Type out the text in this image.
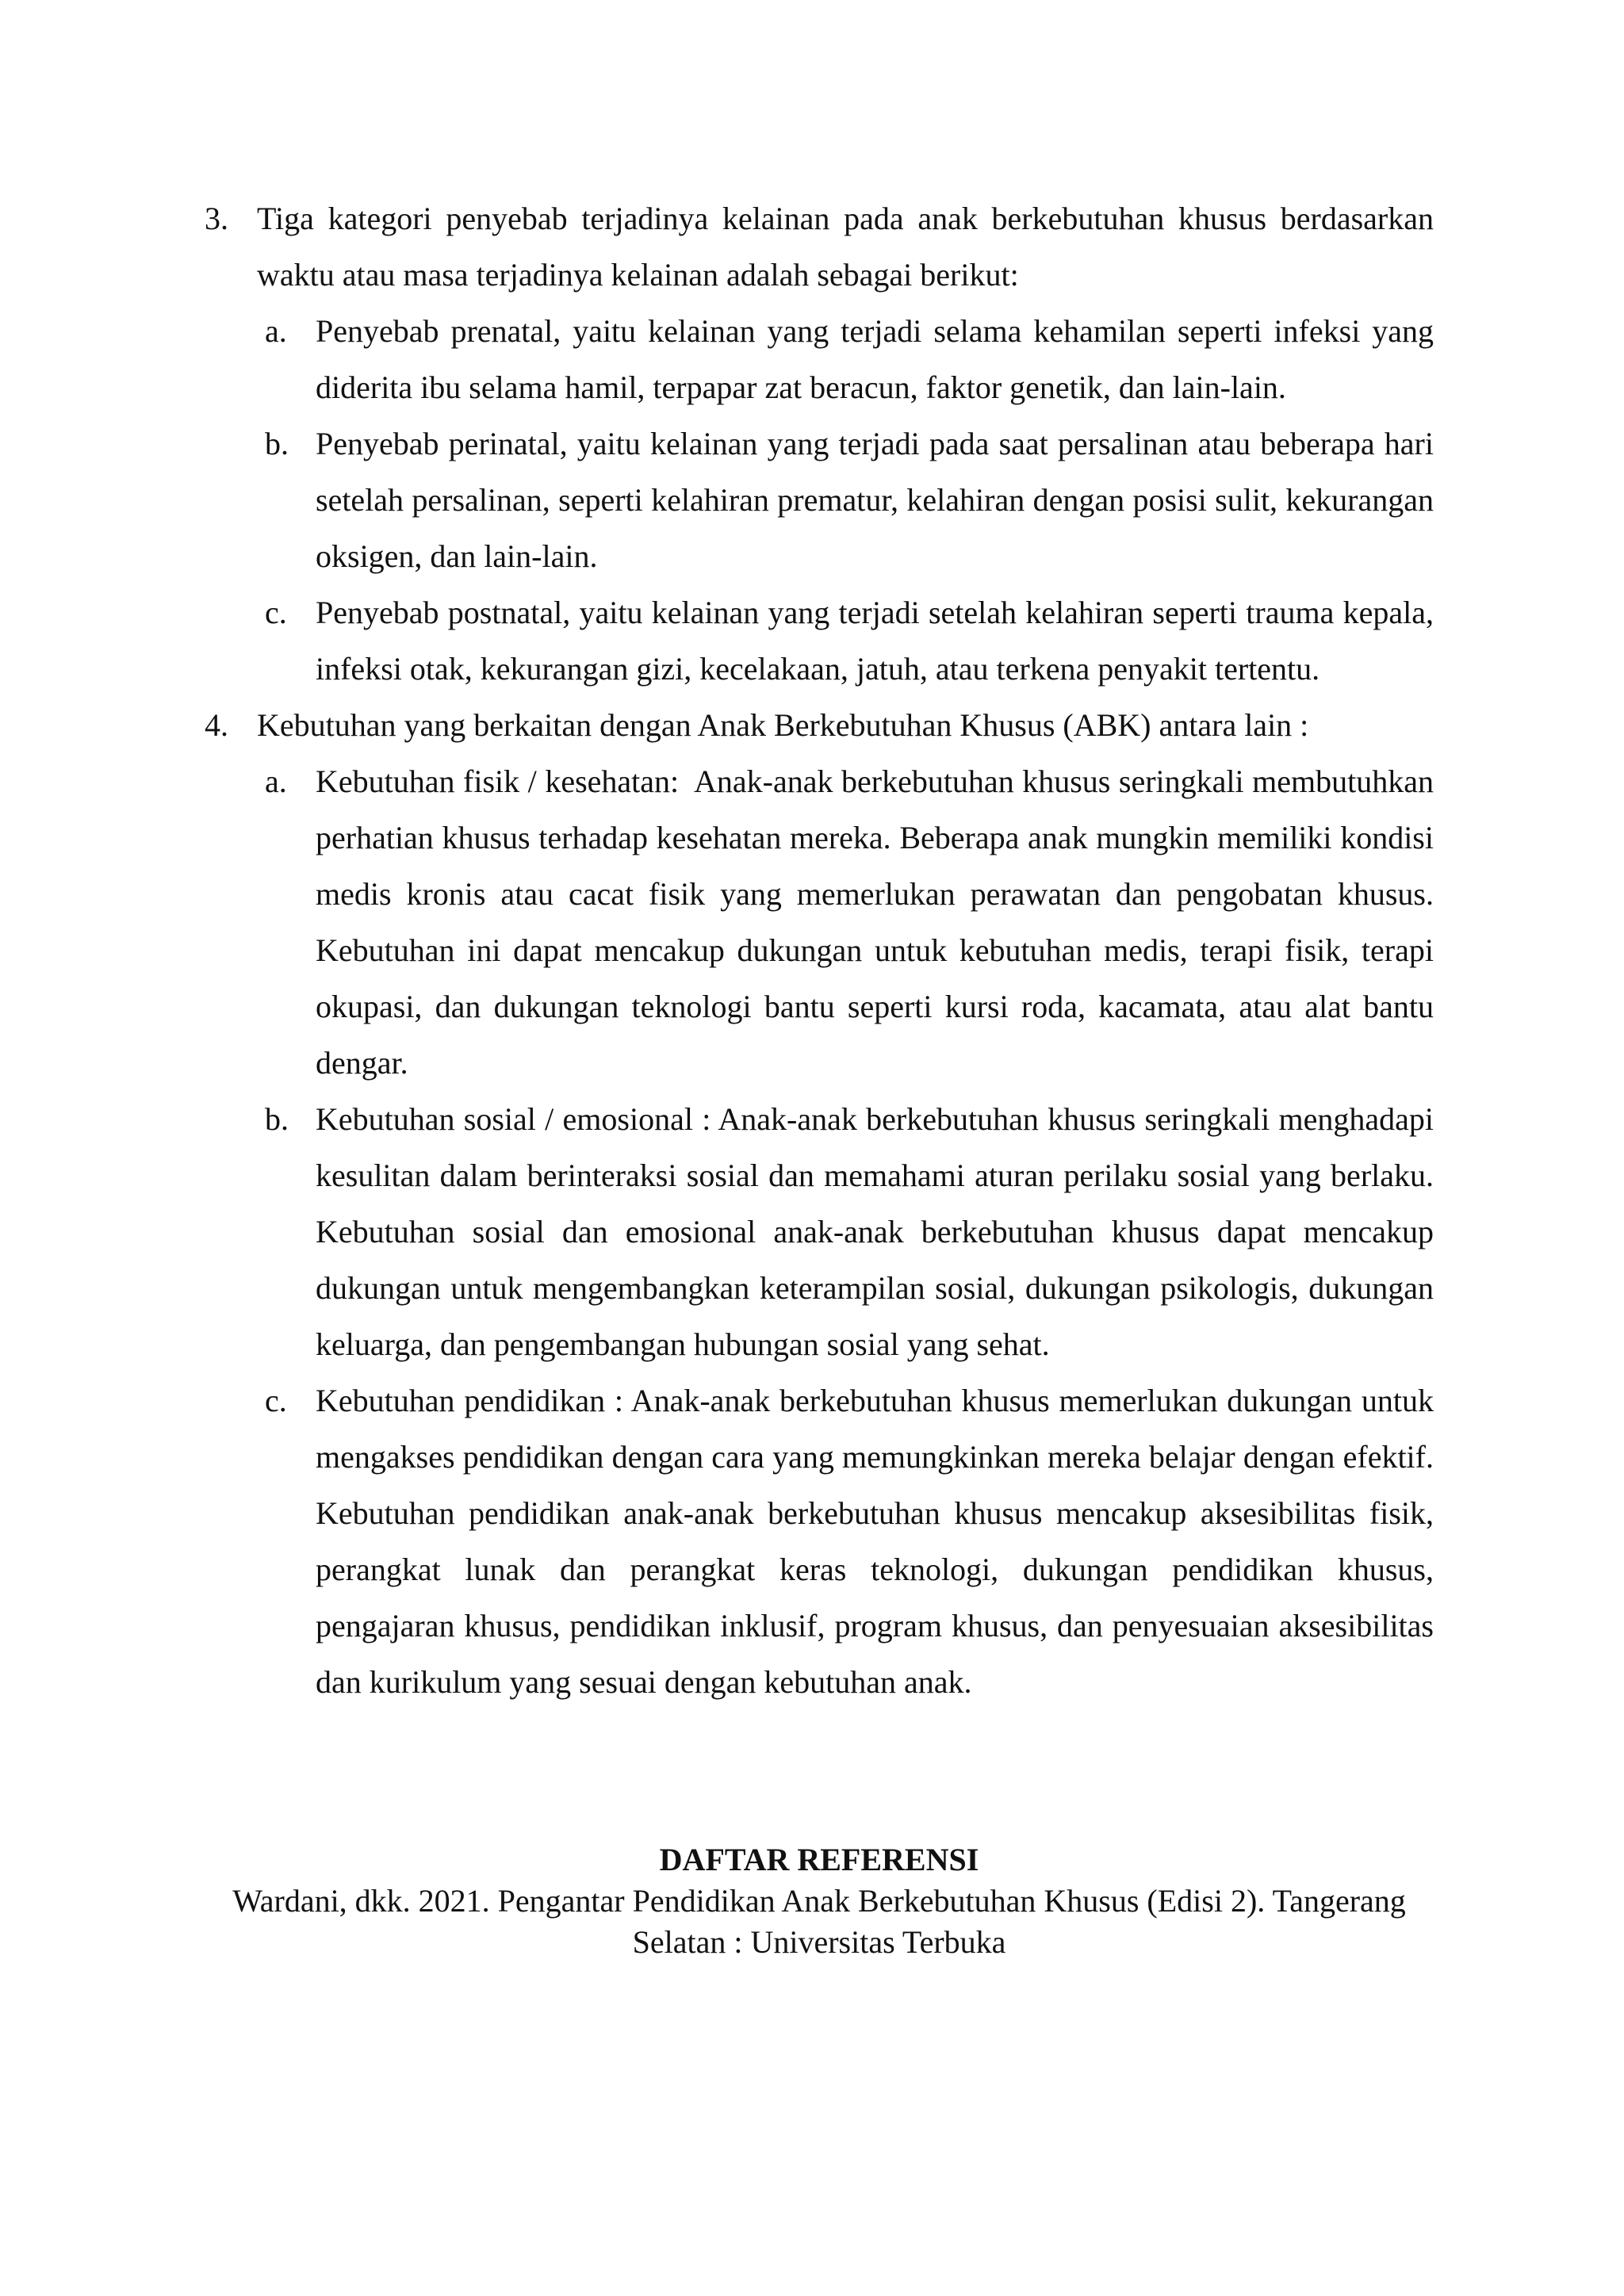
3. Tiga kategori penyebab terjadinya kelainan pada anak berkebutuhan khusus berdasarkan waktu atau masa terjadinya kelainan adalah sebagai berikut:
a. Penyebab prenatal, yaitu kelainan yang terjadi selama kehamilan seperti infeksi yang diderita ibu selama hamil, terpapar zat beracun, faktor genetik, dan lain-lain.
b. Penyebab perinatal, yaitu kelainan yang terjadi pada saat persalinan atau beberapa hari setelah persalinan, seperti kelahiran prematur, kelahiran dengan posisi sulit, kekurangan oksigen, dan lain-lain.
c. Penyebab postnatal, yaitu kelainan yang terjadi setelah kelahiran seperti trauma kepala, infeksi otak, kekurangan gizi, kecelakaan, jatuh, atau terkena penyakit tertentu.
4. Kebutuhan yang berkaitan dengan Anak Berkebutuhan Khusus (ABK) antara lain :
a. Kebutuhan fisik / kesehatan:  Anak-anak berkebutuhan khusus seringkali membutuhkan perhatian khusus terhadap kesehatan mereka. Beberapa anak mungkin memiliki kondisi medis kronis atau cacat fisik yang memerlukan perawatan dan pengobatan khusus. Kebutuhan ini dapat mencakup dukungan untuk kebutuhan medis, terapi fisik, terapi okupasi, dan dukungan teknologi bantu seperti kursi roda, kacamata, atau alat bantu dengar.
b. Kebutuhan sosial / emosional : Anak-anak berkebutuhan khusus seringkali menghadapi kesulitan dalam berinteraksi sosial dan memahami aturan perilaku sosial yang berlaku. Kebutuhan sosial dan emosional anak-anak berkebutuhan khusus dapat mencakup dukungan untuk mengembangkan keterampilan sosial, dukungan psikologis, dukungan keluarga, dan pengembangan hubungan sosial yang sehat.
c. Kebutuhan pendidikan : Anak-anak berkebutuhan khusus memerlukan dukungan untuk mengakses pendidikan dengan cara yang memungkinkan mereka belajar dengan efektif. Kebutuhan pendidikan anak-anak berkebutuhan khusus mencakup aksesibilitas fisik, perangkat lunak dan perangkat keras teknologi, dukungan pendidikan khusus, pengajaran khusus, pendidikan inklusif, program khusus, dan penyesuaian aksesibilitas dan kurikulum yang sesuai dengan kebutuhan anak.

DAFTAR REFERENSI

Wardani, dkk. 2021. Pengantar Pendidikan Anak Berkebutuhan Khusus (Edisi 2). Tangerang

Selatan : Universitas Terbuka
